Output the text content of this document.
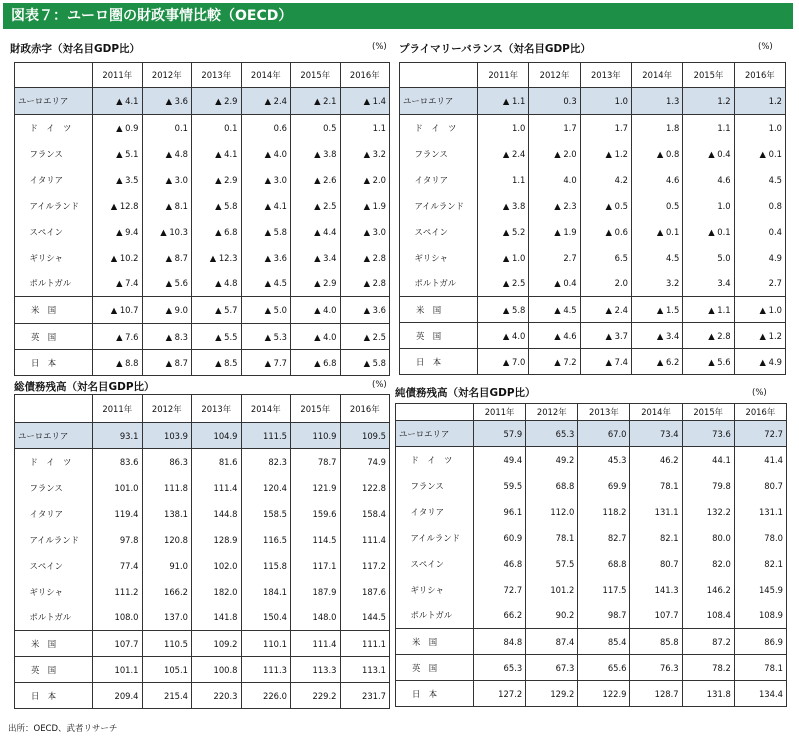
図表７：ユーロ圏の財政事情比較（OECD）
財政赤字（対名目GDP比）	(%)
		2011年	2012年	2013年	2014年	2015年	2016年
ユーロエリア		▲ 4.1	▲ 3.6	▲ 2.9	▲ 2.4	▲ 2.1	▲ 1.4
	ド　イ　ツ	▲ 0.9	0.1	0.1	0.6	0.5	1.1
	フランス	▲ 5.1	▲ 4.8	▲ 4.1	▲ 4.0	▲ 3.8	▲ 3.2
	イタリア	▲ 3.5	▲ 3.0	▲ 2.9	▲ 3.0	▲ 2.6	▲ 2.0
	アイルランド	▲ 12.8	▲ 8.1	▲ 5.8	▲ 4.1	▲ 2.5	▲ 1.9
	スペイン	▲ 9.4	▲ 10.3	▲ 6.8	▲ 5.8	▲ 4.4	▲ 3.0
	ギリシャ	▲ 10.2	▲ 8.7	▲ 12.3	▲ 3.6	▲ 3.4	▲ 2.8
	ポルトガル	▲ 7.4	▲ 5.6	▲ 4.8	▲ 4.5	▲ 2.9	▲ 2.8
米　国		▲ 10.7	▲ 9.0	▲ 5.7	▲ 5.0	▲ 4.0	▲ 3.6
英　国		▲ 7.6	▲ 8.3	▲ 5.5	▲ 5.3	▲ 4.0	▲ 2.5
日　本		▲ 8.8	▲ 8.7	▲ 8.5	▲ 7.7	▲ 6.8	▲ 5.8
プライマリーバランス（対名目GDP比）	(%)
		2011年	2012年	2013年	2014年	2015年	2016年
ユーロエリア		▲ 1.1	0.3	1.0	1.3	1.2	1.2
	ド　イ　ツ	1.0	1.7	1.7	1.8	1.1	1.0
	フランス	▲ 2.4	▲ 2.0	▲ 1.2	▲ 0.8	▲ 0.4	▲ 0.1
	イタリア	1.1	4.0	4.2	4.6	4.6	4.5
	アイルランド	▲ 3.8	▲ 2.3	▲ 0.5	0.5	1.0	0.8
	スペイン	▲ 5.2	▲ 1.9	▲ 0.6	▲ 0.1	▲ 0.1	0.4
	ギリシャ	▲ 1.0	2.7	6.5	4.5	5.0	4.9
	ポルトガル	▲ 2.5	▲ 0.4	2.0	3.2	3.4	2.7
米　国		▲ 5.8	▲ 4.5	▲ 2.4	▲ 1.5	▲ 1.1	▲ 1.0
英　国		▲ 4.0	▲ 4.6	▲ 3.7	▲ 3.4	▲ 2.8	▲ 1.2
日　本		▲ 7.0	▲ 7.2	▲ 7.4	▲ 6.2	▲ 5.6	▲ 4.9
総債務残高（対名目GDP比）	(%)
		2011年	2012年	2013年	2014年	2015年	2016年
ユーロエリア		93.1	103.9	104.9	111.5	110.9	109.5
	ド　イ　ツ	83.6	86.3	81.6	82.3	78.7	74.9
	フランス	101.0	111.8	111.4	120.4	121.9	122.8
	イタリア	119.4	138.1	144.8	158.5	159.6	158.4
	アイルランド	97.8	120.8	128.9	116.5	114.5	111.4
	スペイン	77.4	91.0	102.0	115.8	117.1	117.2
	ギリシャ	111.2	166.2	182.0	184.1	187.9	187.6
	ポルトガル	108.0	137.0	141.8	150.4	148.0	144.5
米　国		107.7	110.5	109.2	110.1	111.4	111.1
英　国		101.1	105.1	100.8	111.3	113.3	113.1
日　本		209.4	215.4	220.3	226.0	229.2	231.7
純債務残高（対名目GDP比）	(%)
		2011年	2012年	2013年	2014年	2015年	2016年
ユーロエリア		57.9	65.3	67.0	73.4	73.6	72.7
	ド　イ　ツ	49.4	49.2	45.3	46.2	44.1	41.4
	フランス	59.5	68.8	69.9	78.1	79.8	80.7
	イタリア	96.1	112.0	118.2	131.1	132.2	131.1
	アイルランド	60.9	78.1	82.7	82.1	80.0	78.0
	スペイン	46.8	57.5	68.8	80.7	82.0	82.1
	ギリシャ	72.7	101.2	117.5	141.3	146.2	145.9
	ポルトガル	66.2	90.2	98.7	107.7	108.4	108.9
米　国		84.8	87.4	85.4	85.8	87.2	86.9
英　国		65.3	67.3	65.6	76.3	78.2	78.1
日　本		127.2	129.2	122.9	128.7	131.8	134.4
出所：OECD、武者リサーチ
